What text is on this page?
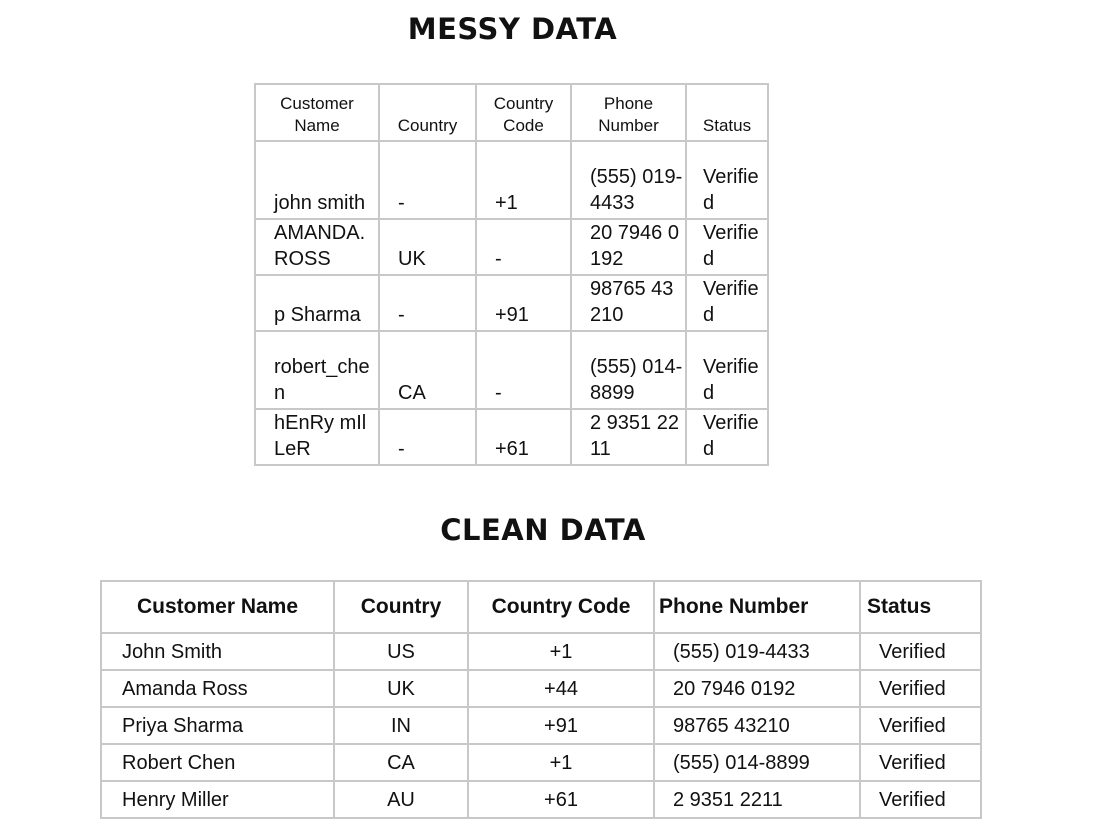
MESSY DATA
Customer Name	Country	Country Code	Phone Number	Status
john smith	-	+1	(555) 019-4433	Verified
AMANDA. ROSS	UK	-	20 7946 0192	Verified
p Sharma	-	+91	98765 43210	Verified
robert_chen	CA	-	(555) 014-8899	Verified
hEnRy mIlLeR	-	+61	2 9351 2211	Verified
CLEAN DATA
Customer Name	Country	Country Code	Phone Number	Status
John Smith	US	+1	(555) 019-4433	Verified
Amanda Ross	UK	+44	20 7946 0192	Verified
Priya Sharma	IN	+91	98765 43210	Verified
Robert Chen	CA	+1	(555) 014-8899	Verified
Henry Miller	AU	+61	2 9351 2211	Verified
